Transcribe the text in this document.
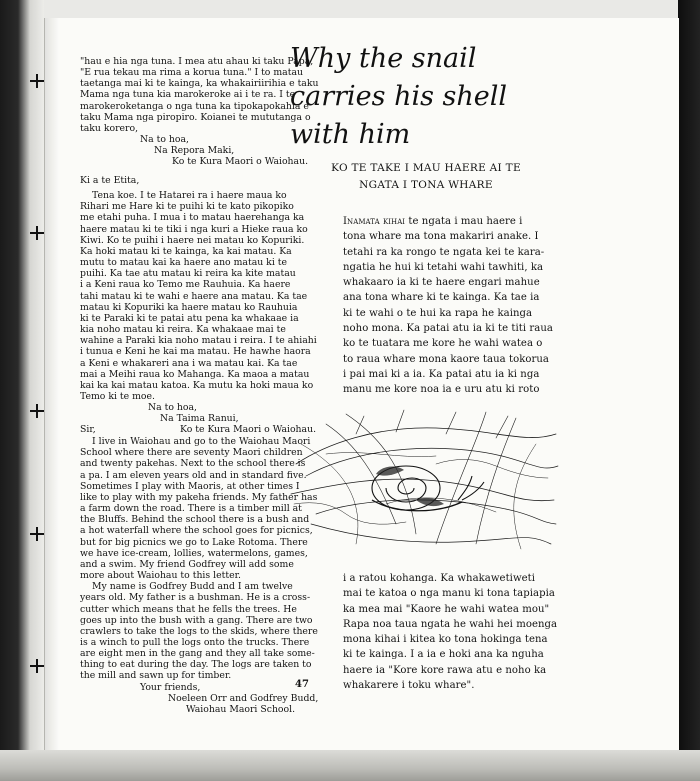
"hau e hia nga tuna. I mea atu ahau ki taku Papa,
"E rua tekau ma rima a korua tuna." I to matau
taetanga mai ki te kainga, ka whakairiirihia e taku
Mama nga tuna kia marokeroke ai i te ra. I te
marokeroketanga o nga tuna ka tipokapokahia e
taku Mama nga piropiro. Koianei te mututanga o
taku korero,
Na to hoa,
Na Repora Maki,
Ko te Kura Maori o Waiohau.
Ki a te Etita,
Tena koe. I te Hatarei ra i haere maua ko
Rihari me Hare ki te puihi ki te kato pikopiko
me etahi puha. I mua i to matau haerehanga ka
haere matau ki te tiki i nga kuri a Hieke raua ko
Kiwi. Ko te puihi i haere nei matau ko Kopuriki.
Ka hoki matau ki te kainga, ka kai matau. Ka
mutu to matau kai ka haere ano matau ki te
puihi. Ka tae atu matau ki reira ka kite matau
i a Keni raua ko Temo me Rauhuia. Ka haere
tahi matau ki te wahi e haere ana matau. Ka tae
matau ki Kopuriki ka haere matau ko Rauhuia
ki te Paraki ki te patai atu pena ka whakaae ia
kia noho matau ki reira. Ka whakaae mai te
wahine a Paraki kia noho matau i reira. I te ahiahi
i tunua e Keni he kai ma matau. He hawhe haora
a Keni e whakareri ana i wa matau kai. Ka tae
mai a Meihi raua ko Mahanga. Ka maoa a matau
kai ka kai matau katoa. Ka mutu ka hoki maua ko
Temo ki te moe.
Na to hoa,
Na Taima Ranui,
Ko te Kura Maori o Waiohau.
Sir,
I live in Waiohau and go to the Waiohau Maori
School where there are seventy Maori children
and twenty pakehas. Next to the school there is
a pa. I am eleven years old and in standard five.
Sometimes I play with Maoris, at other times I
like to play with my pakeha friends. My father has
a farm down the road. There is a timber mill at
the Bluffs. Behind the school there is a bush and
a hot waterfall where the school goes for picnics,
but for big picnics we go to Lake Rotoma. There
we have ice-cream, lollies, watermelons, games,
and a swim. My friend Godfrey will add some
more about Waiohau to this letter.
My name is Godfrey Budd and I am twelve
years old. My father is a bushman. He is a cross-
cutter which means that he fells the trees. He
goes up into the bush with a gang. There are two
crawlers to take the logs to the skids, where there
is a winch to pull the logs onto the trucks. There
are eight men in the gang and they all take some-
thing to eat during the day. The logs are taken to
the mill and sawn up for timber.
Your friends,
Noeleen Orr and Godfrey Budd,
Waiohau Maori School.
Why the snail
carries his shell
with him
KO TE TAKE I MAU HAERE AI TE
NGATA I TONA WHARE
Inamata kihai te ngata i mau haere i
tona whare ma tona makariri anake. I
tetahi ra ka rongo te ngata kei te kara-
ngatia he hui ki tetahi wahi tawhiti, ka
whakaaro ia ki te haere engari mahue
ana tona whare ki te kainga. Ka tae ia
ki te wahi o te hui ka rapa he kainga
noho mona. Ka patai atu ia ki te titi raua
ko te tuatara me kore he wahi watea o
to raua whare mona kaore taua tokorua
i pai mai ki a ia. Ka patai atu ia ki nga
manu me kore noa ia e uru atu ki roto
i a ratou kohanga. Ka whakawetiweti
mai te katoa o nga manu ki tona tapiapia
ka mea mai "Kaore he wahi watea mou"
Rapa noa taua ngata he wahi hei moenga
mona kihai i kitea ko tona hokinga tena
ki te kainga. I a ia e hoki ana ka nguha
haere ia "Kore kore rawa atu e noho ka
whakarere i toku whare".
47
